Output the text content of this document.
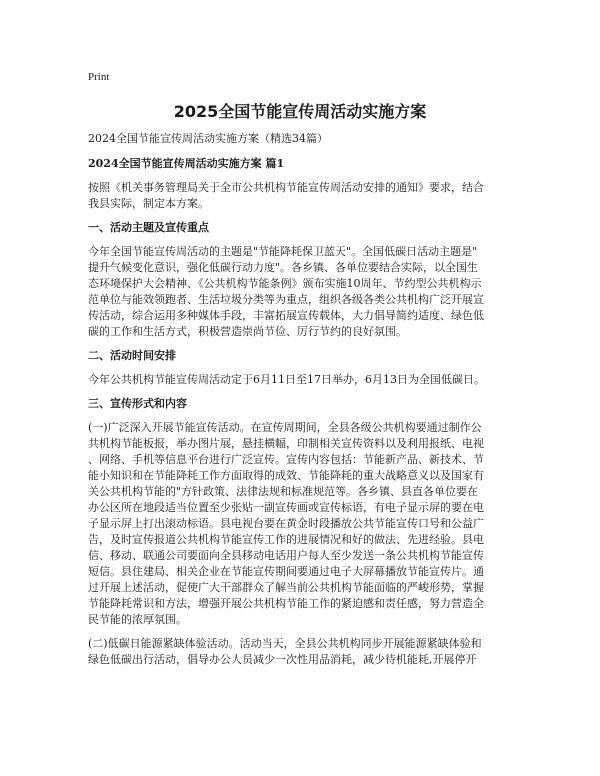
Print
2025全国节能宣传周活动实施方案

2024全国节能宣传周活动实施方案（精选34篇）

2024全国节能宣传周活动实施方案 篇1

按照《机关事务管理局关于全市公共机构节能宣传周活动安排的通知》要求，结合

我县实际，制定本方案。

一、活动主题及宣传重点

今年全国节能宣传周活动的主题是"节能降耗保卫蓝天"。全国低碳日活动主题是"

提升气候变化意识，强化低碳行动力度"。各乡镇、各单位要结合实际，以全国生

态环境保护大会精神、《公共机构节能条例》颁布实施10周年、节约型公共机构示

范单位与能效领跑者、生活垃圾分类等为重点，组织各级各类公共机构广泛开展宣

传活动，综合运用多种媒体手段，丰富拓展宣传载体，大力倡导简约适度、绿色低

碳的工作和生活方式，积极营造崇尚节俭、厉行节约的良好氛围。

二、活动时间安排

今年公共机构节能宣传周活动定于6月11日至17日举办，6月13日为全国低碳日。

三、宣传形式和内容

(一)广泛深入开展节能宣传活动。在宣传周期间，全县各级公共机构要通过制作公

共机构节能板报，举办图片展，悬挂横幅，印制相关宣传资料以及利用报纸、电视

、网络、手机等信息平台进行广泛宣传。宣传内容包括：节能新产品、新技术、节

能小知识和在节能降耗工作方面取得的成效、节能降耗的重大战略意义以及国家有

关公共机构节能的"方针政策、法律法规和标准规范等。各乡镇、县直各单位要在

办公区所在地段适当位置至少张贴一副宣传画或宣传标语，有电子显示屏的要在电

子显示屏上打出滚动标语。县电视台要在黄金时段播放公共节能宣传口号和公益广

告，及时宣传报道公共机构节能宣传工作的进展情况和好的做法、先进经验。县电

信、移动、联通公司要面向全县移动电话用户每人至少发送一条公共机构节能宣传

短信。县住建局、相关企业在节能宣传期间要通过电子大屏幕播放节能宣传片。通

过开展上述活动，促使广大干部群众了解当前公共机构节能面临的严峻形势，掌握

节能降耗常识和方法，增强开展公共机构节能工作的紧迫感和责任感，努力营造全

民节能的浓厚氛围。

(二)低碳日能源紧缺体验活动。活动当天，全县公共机构同步开展能源紧缺体验和

绿色低碳出行活动，倡导办公人员减少一次性用品消耗，减少待机能耗,开展停开
